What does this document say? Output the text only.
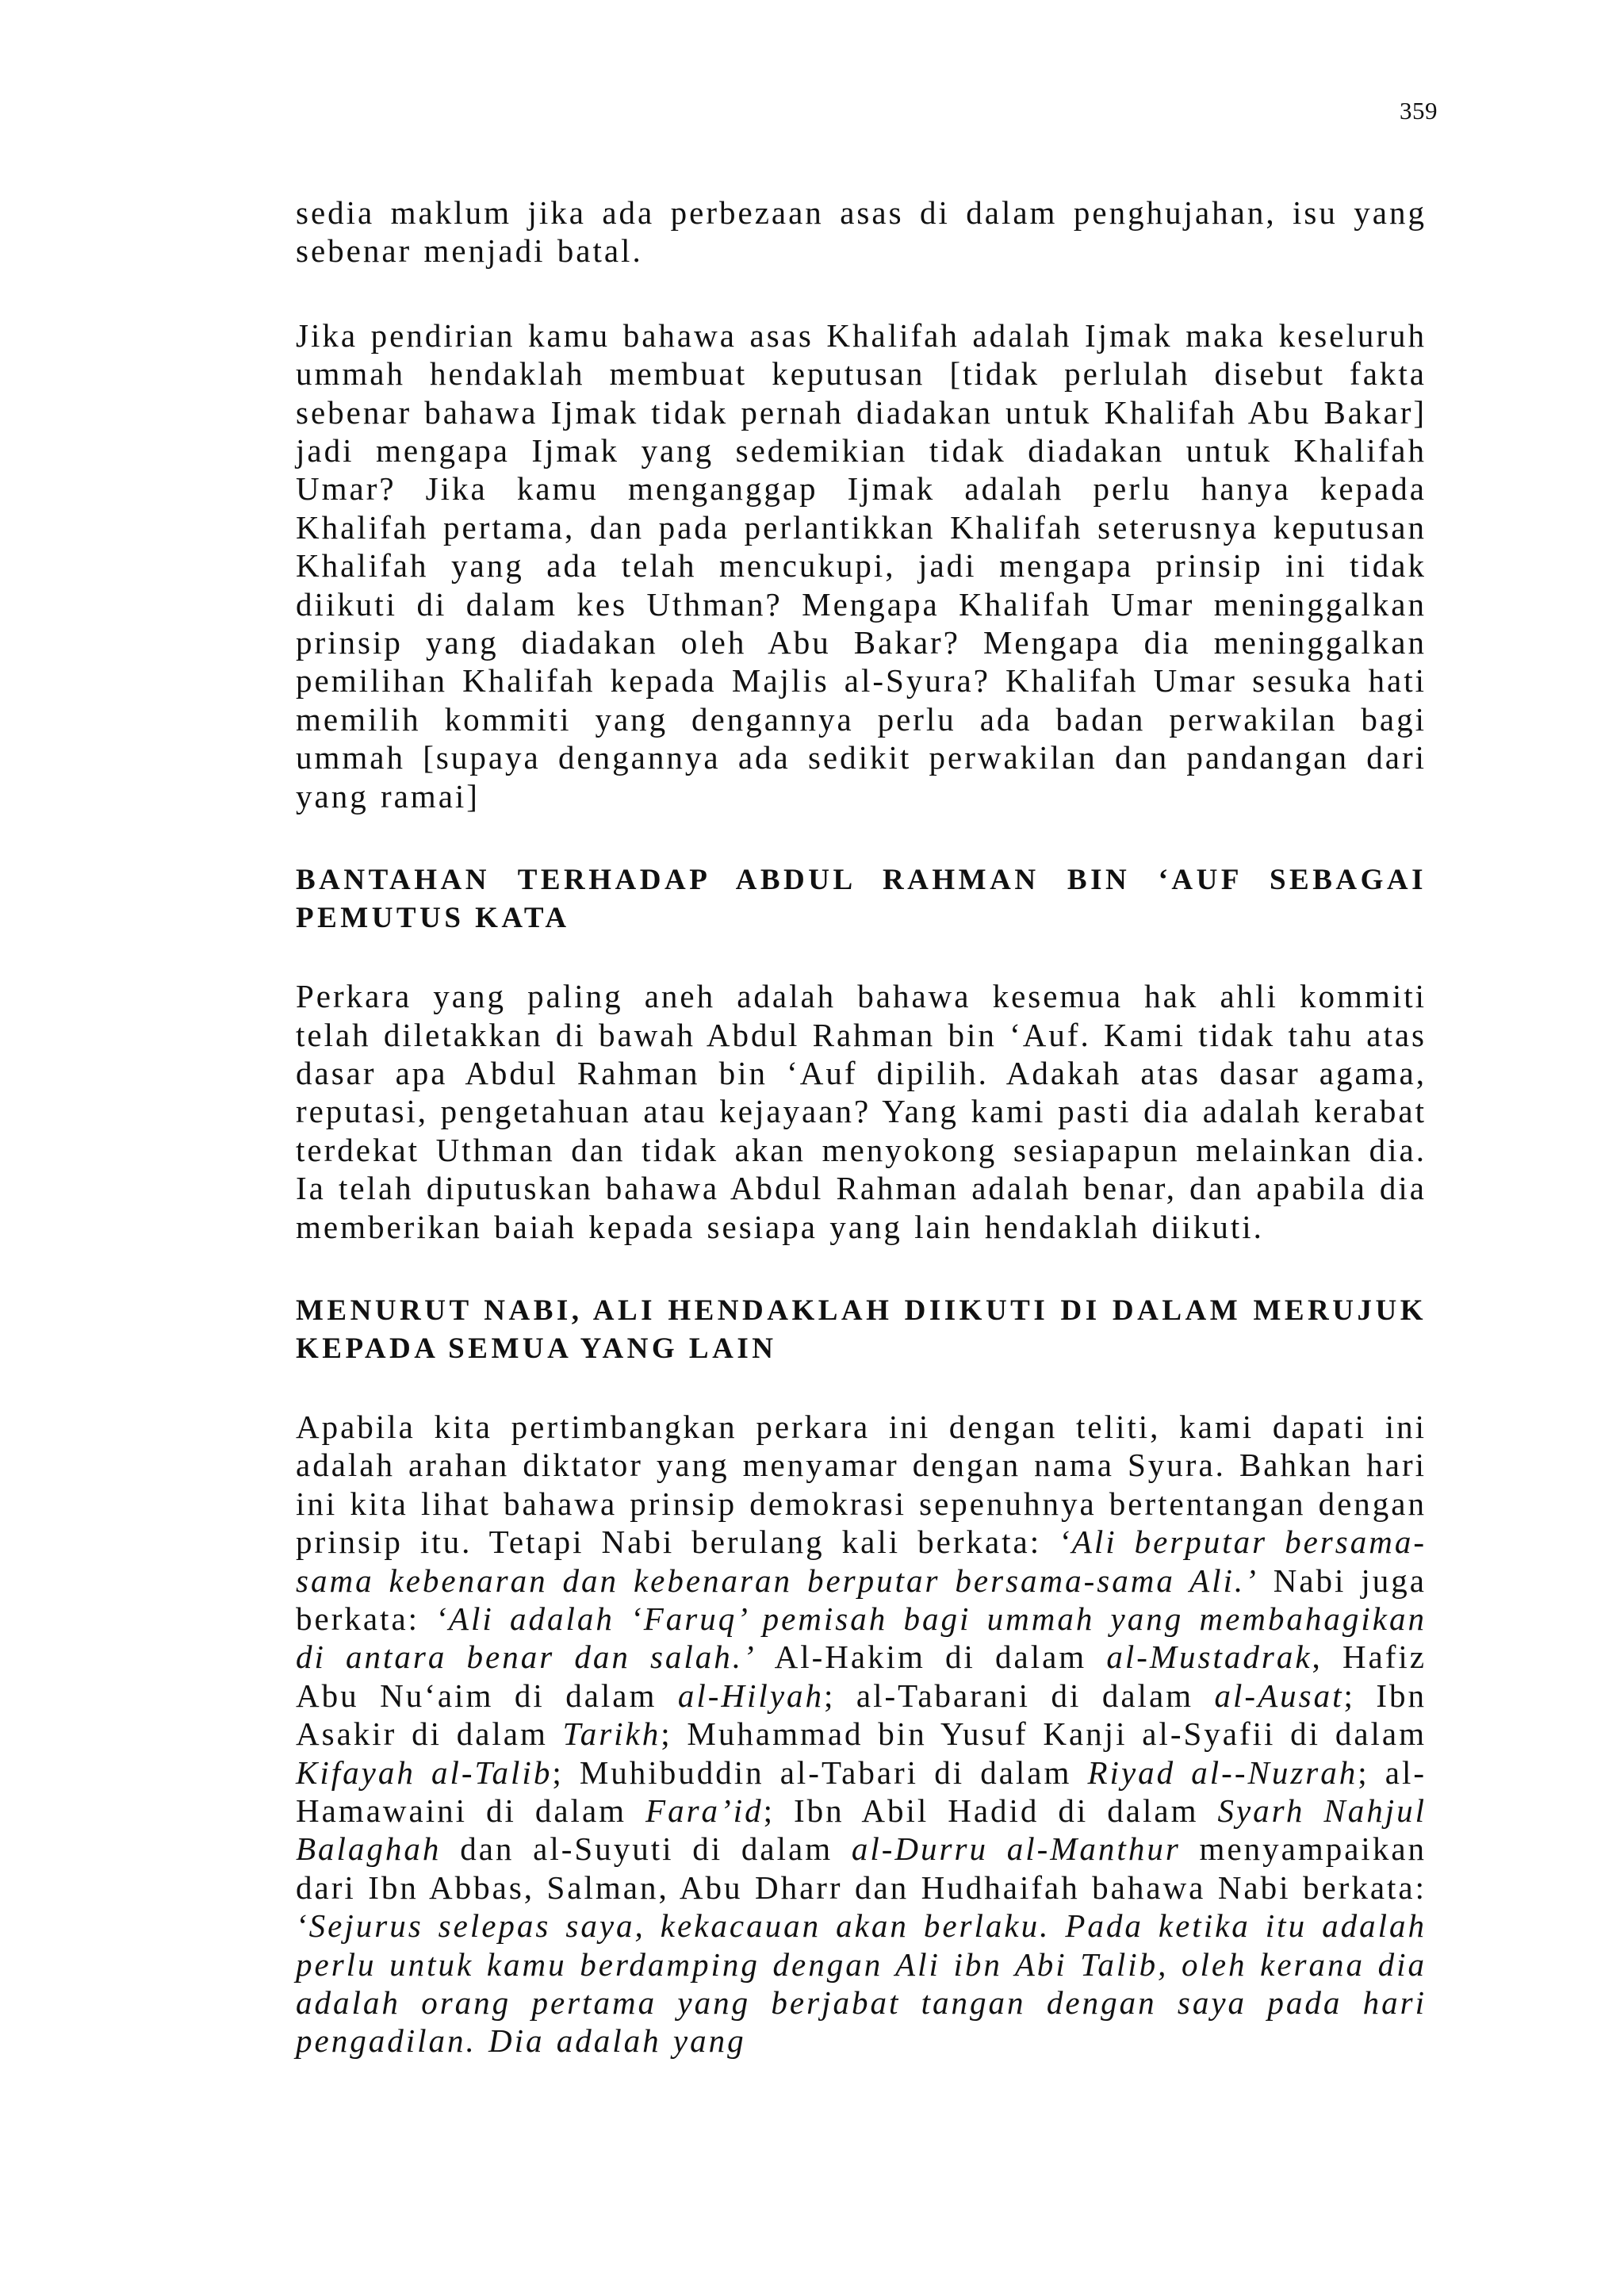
359

sedia maklum jika ada perbezaan asas di dalam penghujahan, isu yang sebenar menjadi batal.

Jika pendirian kamu bahawa asas Khalifah adalah Ijmak maka keseluruh ummah hendaklah membuat keputusan [tidak perlulah disebut fakta sebenar bahawa Ijmak tidak pernah diadakan untuk Khalifah Abu Bakar] jadi mengapa Ijmak yang sedemikian tidak diadakan untuk Khalifah Umar? Jika kamu menganggap Ijmak adalah perlu hanya kepada Khalifah pertama, dan pada perlantikkan Khalifah seterusnya keputusan Khalifah yang ada telah mencukupi, jadi mengapa prinsip ini tidak diikuti di dalam kes Uthman? Mengapa Khalifah Umar meninggalkan prinsip yang diadakan oleh Abu Bakar? Mengapa dia meninggalkan pemilihan Khalifah kepada Majlis al-Syura? Khalifah Umar sesuka hati memilih kommiti yang dengannya perlu ada badan perwakilan bagi ummah [supaya dengannya ada sedikit perwakilan dan pandangan dari yang ramai]

BANTAHAN TERHADAP ABDUL RAHMAN BIN ‘AUF SEBAGAI PEMUTUS KATA

Perkara yang paling aneh adalah bahawa kesemua hak ahli kommiti telah diletakkan di bawah Abdul Rahman bin ‘Auf. Kami tidak tahu atas dasar apa Abdul Rahman bin ‘Auf dipilih. Adakah atas dasar agama, reputasi, pengetahuan atau kejayaan? Yang kami pasti dia adalah kerabat terdekat Uthman dan tidak akan menyokong sesiapapun melainkan dia. Ia telah diputuskan bahawa Abdul Rahman adalah benar, dan apabila dia memberikan baiah kepada sesiapa yang lain hendaklah diikuti.

MENURUT NABI, ALI HENDAKLAH DIIKUTI DI DALAM MERUJUK KEPADA SEMUA YANG LAIN

Apabila kita pertimbangkan perkara ini dengan teliti, kami dapati ini adalah arahan diktator yang menyamar dengan nama Syura. Bahkan hari ini kita lihat bahawa prinsip demokrasi sepenuhnya bertentangan dengan prinsip itu. Tetapi Nabi berulang kali berkata: ‘Ali berputar bersama-sama kebenaran dan kebenaran berputar bersama-sama Ali.’ Nabi juga berkata: ‘Ali adalah ‘Faruq’ pemisah bagi ummah yang membahagikan di antara benar dan salah.’ Al-Hakim di dalam al-Mustadrak, Hafiz Abu Nu‘aim di dalam al-Hilyah; al-Tabarani di dalam al-Ausat; Ibn Asakir di dalam Tarikh; Muhammad bin Yusuf Kanji al-Syafii di dalam Kifayah al-Talib; Muhibuddin al-Tabari di dalam Riyad al--Nuzrah; al-Hamawaini di dalam Fara’id; Ibn Abil Hadid di dalam Syarh Nahjul Balaghah dan al-Suyuti di dalam al-Durru al-Manthur menyampaikan dari Ibn Abbas, Salman, Abu Dharr dan Hudhaifah bahawa Nabi berkata: ‘Sejurus selepas saya, kekacauan akan berlaku. Pada ketika itu adalah perlu untuk kamu berdamping dengan Ali ibn Abi Talib, oleh kerana dia adalah orang pertama yang berjabat tangan dengan saya pada hari pengadilan. Dia adalah yang
